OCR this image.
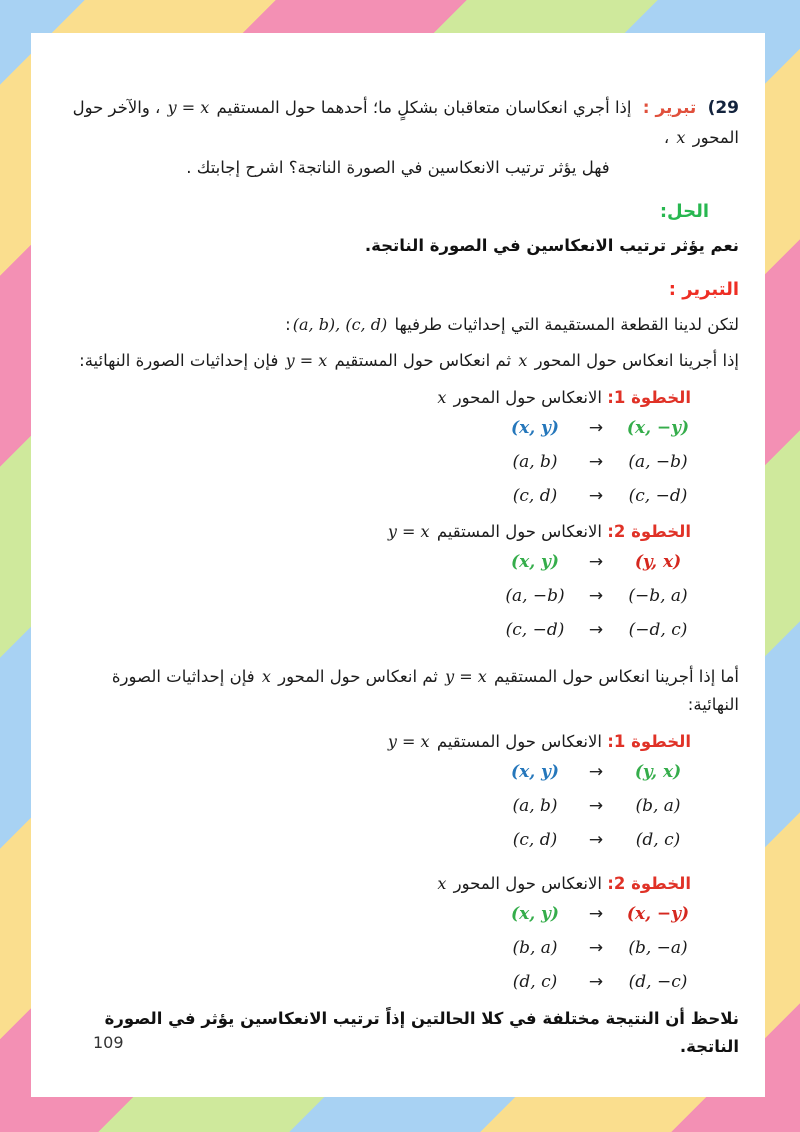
(29 تبرير : إذا أجري انعكاسان متعاقبان بشكلٍ ما؛ أحدهما حول المستقيم y = x ، والآخر حول المحور x ،
فهل يؤثر ترتيب الانعكاسين في الصورة الناتجة؟ اشرح إجابتك .
الحل:
نعم يؤثر ترتيب الانعكاسين في الصورة الناتجة.
التبرير :
لتكن لدينا القطعة المستقيمة التي إحداثيات طرفيها (a, b), (c, d):
إذا أجرينا انعكاس حول المحور x ثم انعكاس حول المستقيم y = x فإن إحداثيات الصورة النهائية:
الخطوة 1: الانعكاس حول المحور x
(x, y)	→	(x, −y)
(a, b)	→	(a, −b)
(c, d)	→	(c, −d)
الخطوة 2: الانعكاس حول المستقيم y = x
(x, y)	→	(y, x)
(a, −b)	→	(−b, a)
(c, −d)	→	(−d, c)
أما إذا أجرينا انعكاس حول المستقيم y = x ثم انعكاس حول المحور x فإن إحداثيات الصورة النهائية:
الخطوة 1: الانعكاس حول المستقيم y = x
(x, y)	→	(y, x)
(a, b)	→	(b, a)
(c, d)	→	(d, c)
الخطوة 2: الانعكاس حول المحور x
(x, y)	→	(x, −y)
(b, a)	→	(b, −a)
(d, c)	→	(d, −c)
نلاحظ أن النتيجة مختلفة في كلا الحالتين إذاً ترتيب الانعكاسين يؤثر في الصورة الناتجة.
109
